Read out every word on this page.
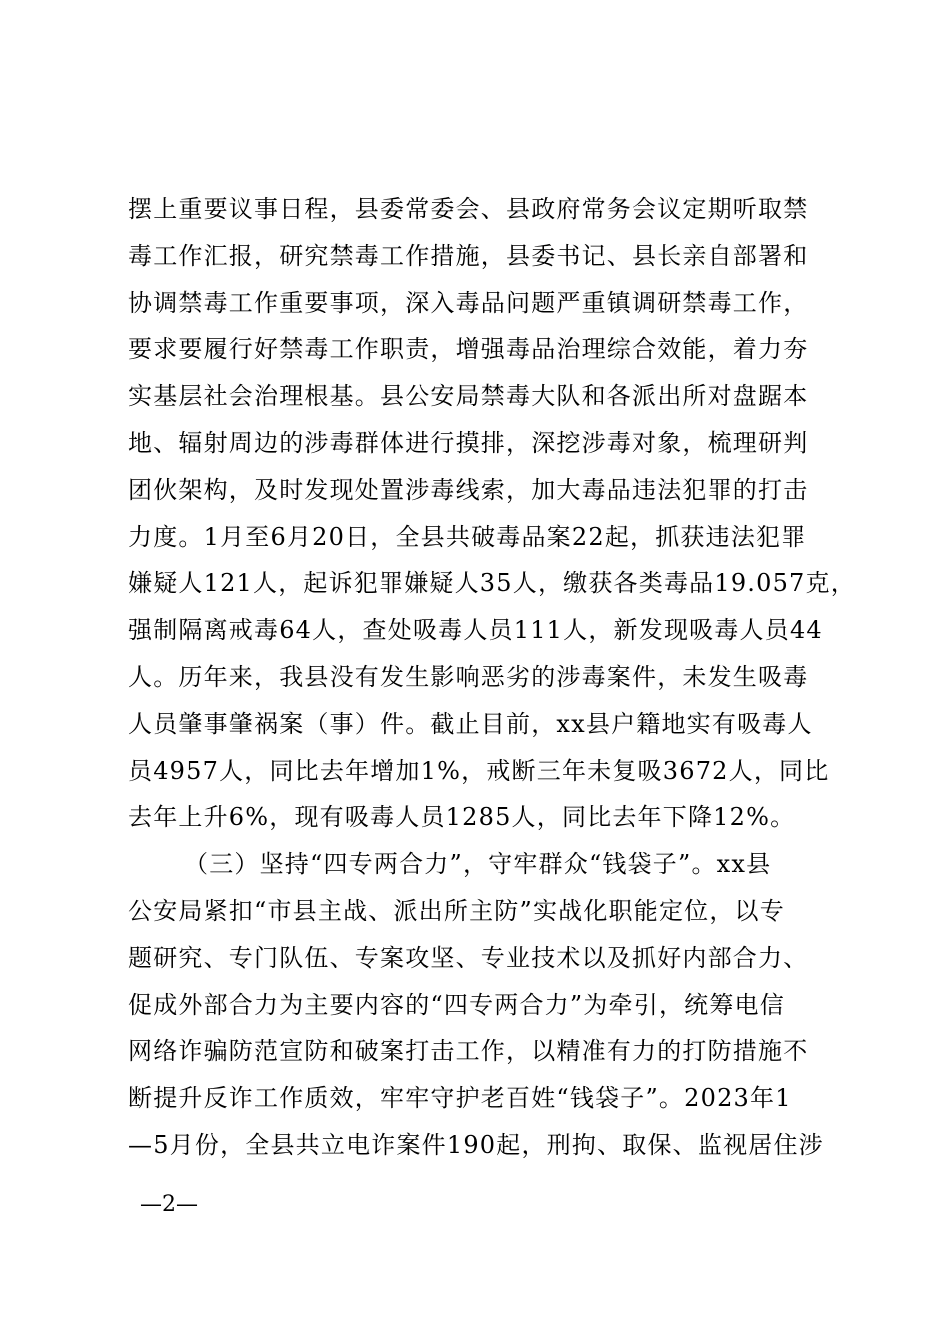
摆上重要议事日程，县委常委会、县政府常务会议定期听取禁
毒工作汇报，研究禁毒工作措施，县委书记、县长亲自部署和
协调禁毒工作重要事项，深入毒品问题严重镇调研禁毒工作，
要求要履行好禁毒工作职责，增强毒品治理综合效能，着力夯
实基层社会治理根基。县公安局禁毒大队和各派出所对盘踞本
地、辐射周边的涉毒群体进行摸排，深挖涉毒对象，梳理研判
团伙架构，及时发现处置涉毒线索，加大毒品违法犯罪的打击
力度。1月至6月20日，全县共破毒品案22起，抓获违法犯罪
嫌疑人121人，起诉犯罪嫌疑人35人，缴获各类毒品19.057克，
强制隔离戒毒64人，查处吸毒人员111人，新发现吸毒人员44
人。历年来，我县没有发生影响恶劣的涉毒案件，未发生吸毒
人员肇事肇祸案（事）件。截止目前，xx县户籍地实有吸毒人
员4957人，同比去年增加1%，戒断三年未复吸3672人，同比
去年上升6%，现有吸毒人员1285人，同比去年下降12%。
（三）坚持“四专两合力”，守牢群众“钱袋子”。xx县
公安局紧扣“市县主战、派出所主防”实战化职能定位，以专
题研究、专门队伍、专案攻坚、专业技术以及抓好内部合力、
促成外部合力为主要内容的“四专两合力”为牵引，统筹电信
网络诈骗防范宣防和破案打击工作，以精准有力的打防措施不
断提升反诈工作质效，牢牢守护老百姓“钱袋子”。2023年1
—5月份，全县共立电诈案件190起，刑拘、取保、监视居住涉
—2—
